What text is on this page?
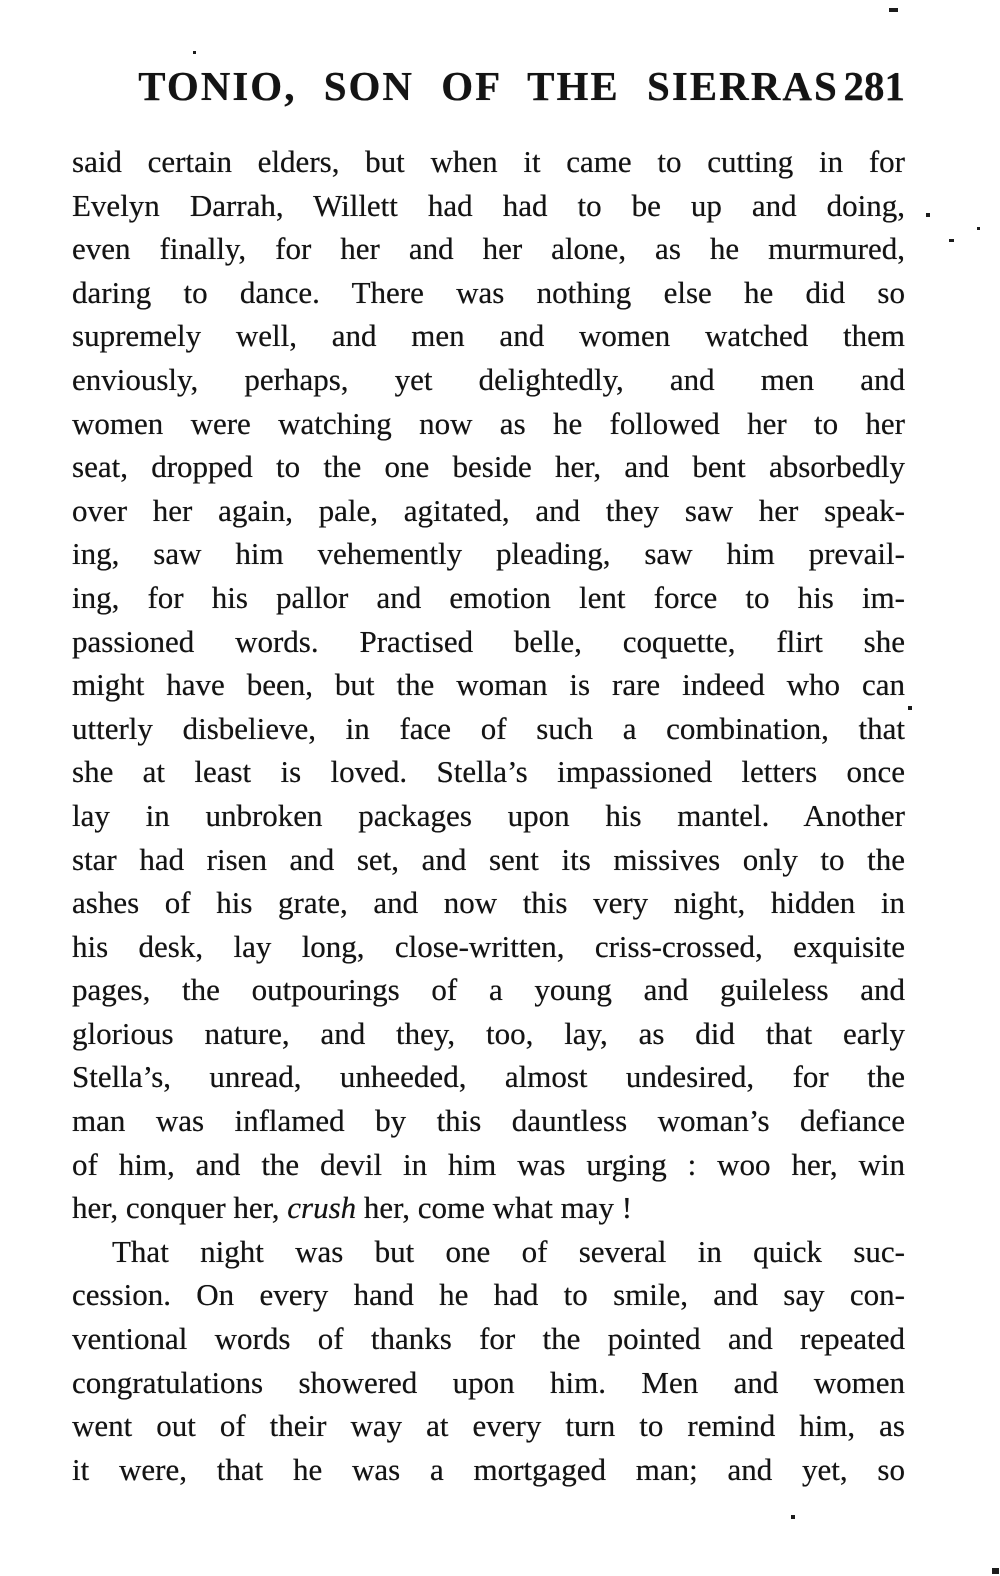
TONIO, SON OF THE SIERRAS 281
said certain elders, but when it came to cutting in for
Evelyn Darrah, Willett had had to be up and doing,
even finally, for her and her alone, as he murmured,
daring to dance. There was nothing else he did so
supremely well, and men and women watched them
enviously, perhaps, yet delightedly, and men and
women were watching now as he followed her to her
seat, dropped to the one beside her, and bent absorbedly
over her again, pale, agitated, and they saw her speak-
ing, saw him vehemently pleading, saw him prevail-
ing, for his pallor and emotion lent force to his im-
passioned words. Practised belle, coquette, flirt she
might have been, but the woman is rare indeed who can
utterly disbelieve, in face of such a combination, that
she at least is loved. Stella’s impassioned letters once
lay in unbroken packages upon his mantel. Another
star had risen and set, and sent its missives only to the
ashes of his grate, and now this very night, hidden in
his desk, lay long, close-written, criss-crossed, exquisite
pages, the outpourings of a young and guileless and
glorious nature, and they, too, lay, as did that early
Stella’s, unread, unheeded, almost undesired, for the
man was inflamed by this dauntless woman’s defiance
of him, and the devil in him was urging : woo her, win
her, conquer her, crush her, come what may !
That night was but one of several in quick suc-
cession. On every hand he had to smile, and say con-
ventional words of thanks for the pointed and repeated
congratulations showered upon him. Men and women
went out of their way at every turn to remind him, as
it were, that he was a mortgaged man; and yet, so
